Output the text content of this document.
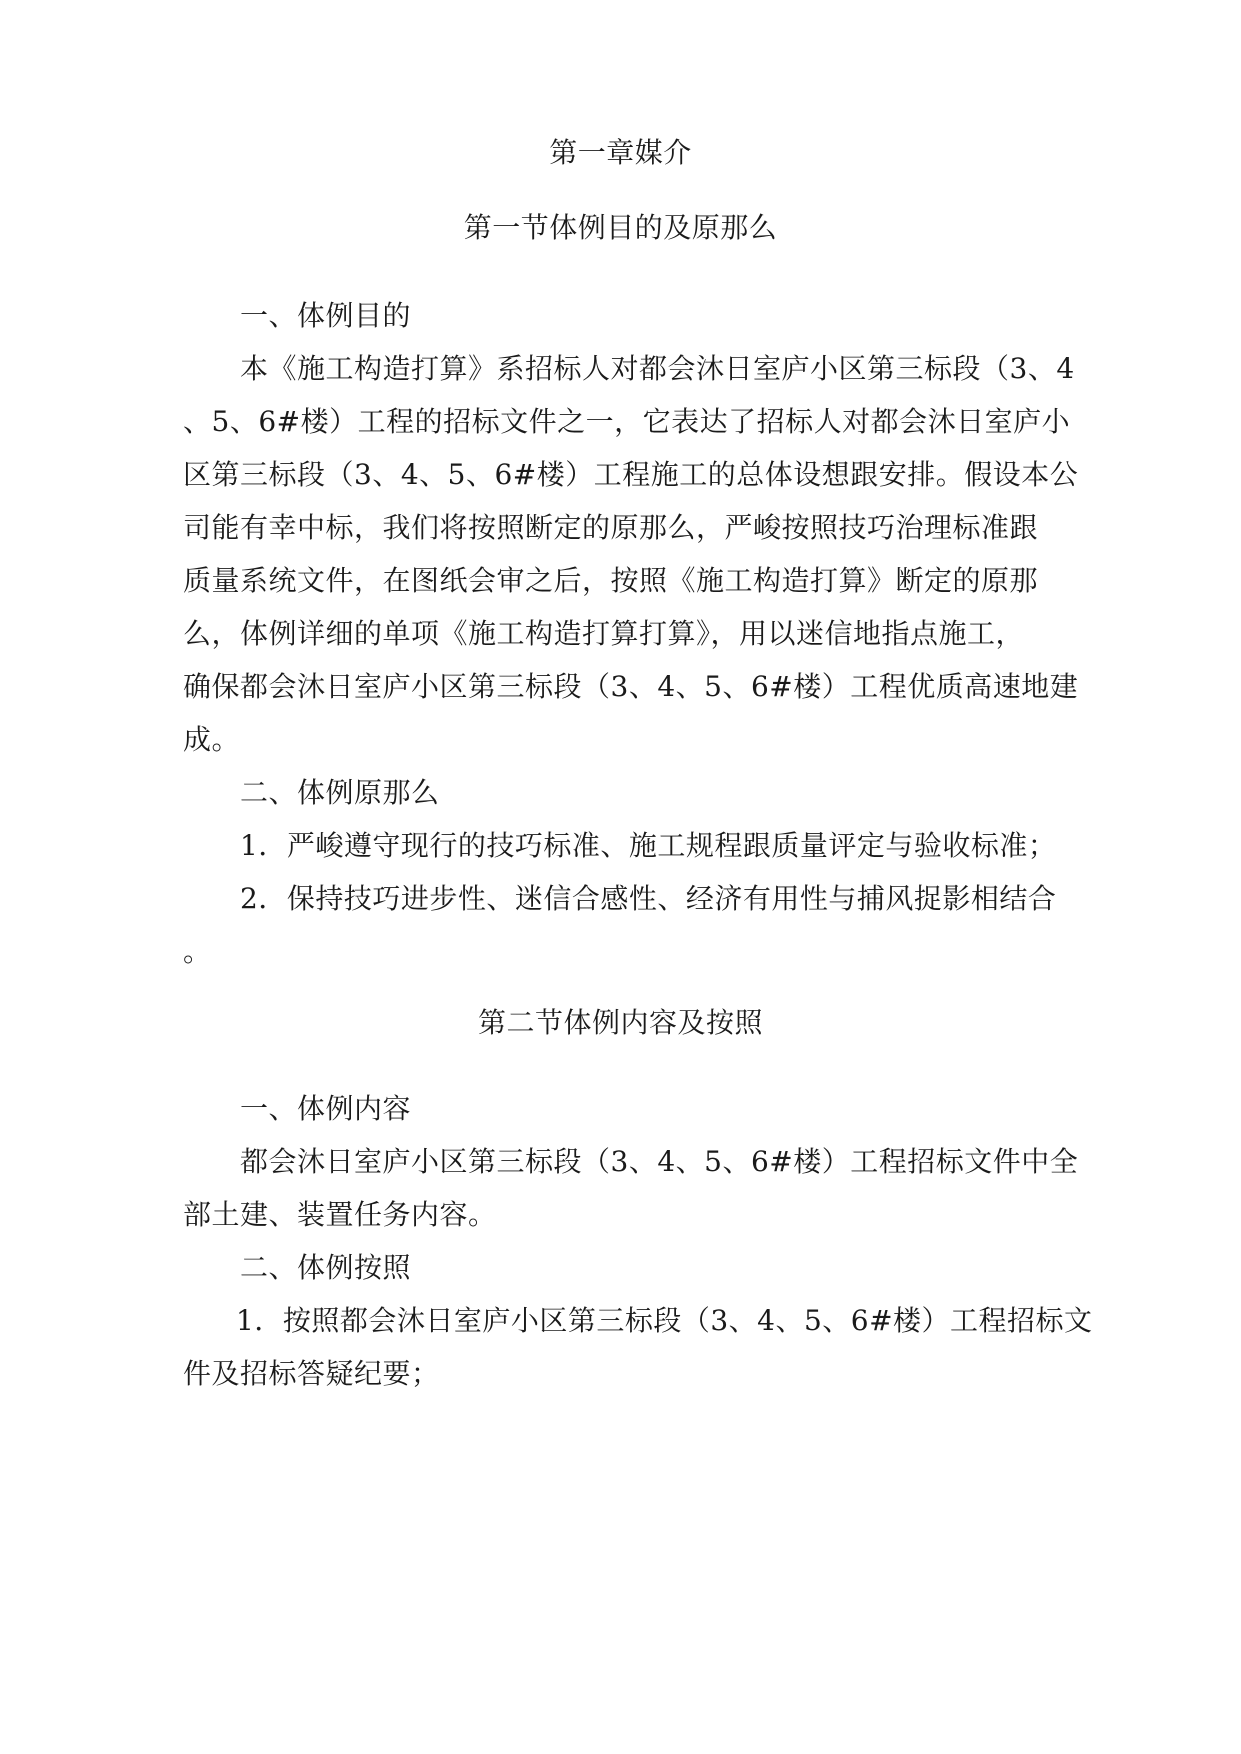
第一章媒介
第一节体例目的及原那么
一、体例目的
本《施工构造打算》系招标人对都会沐日室庐小区第三标段（3、4
、5、6#楼）工程的招标文件之一，它表达了招标人对都会沐日室庐小
区第三标段（3、4、5、6#楼）工程施工的总体设想跟安排。假设本公
司能有幸中标，我们将按照断定的原那么，严峻按照技巧治理标准跟
质量系统文件，在图纸会审之后，按照《施工构造打算》断定的原那
么，体例详细的单项《施工构造打算打算》，用以迷信地指点施工，
确保都会沐日室庐小区第三标段（3、4、5、6#楼）工程优质高速地建
成。
二、体例原那么
1．严峻遵守现行的技巧标准、施工规程跟质量评定与验收标准；
2．保持技巧进步性、迷信合感性、经济有用性与捕风捉影相结合
。
第二节体例内容及按照
一、体例内容
都会沐日室庐小区第三标段（3、4、5、6#楼）工程招标文件中全
部土建、装置任务内容。
二、体例按照
1．按照都会沐日室庐小区第三标段（3、4、5、6#楼）工程招标文
件及招标答疑纪要；
